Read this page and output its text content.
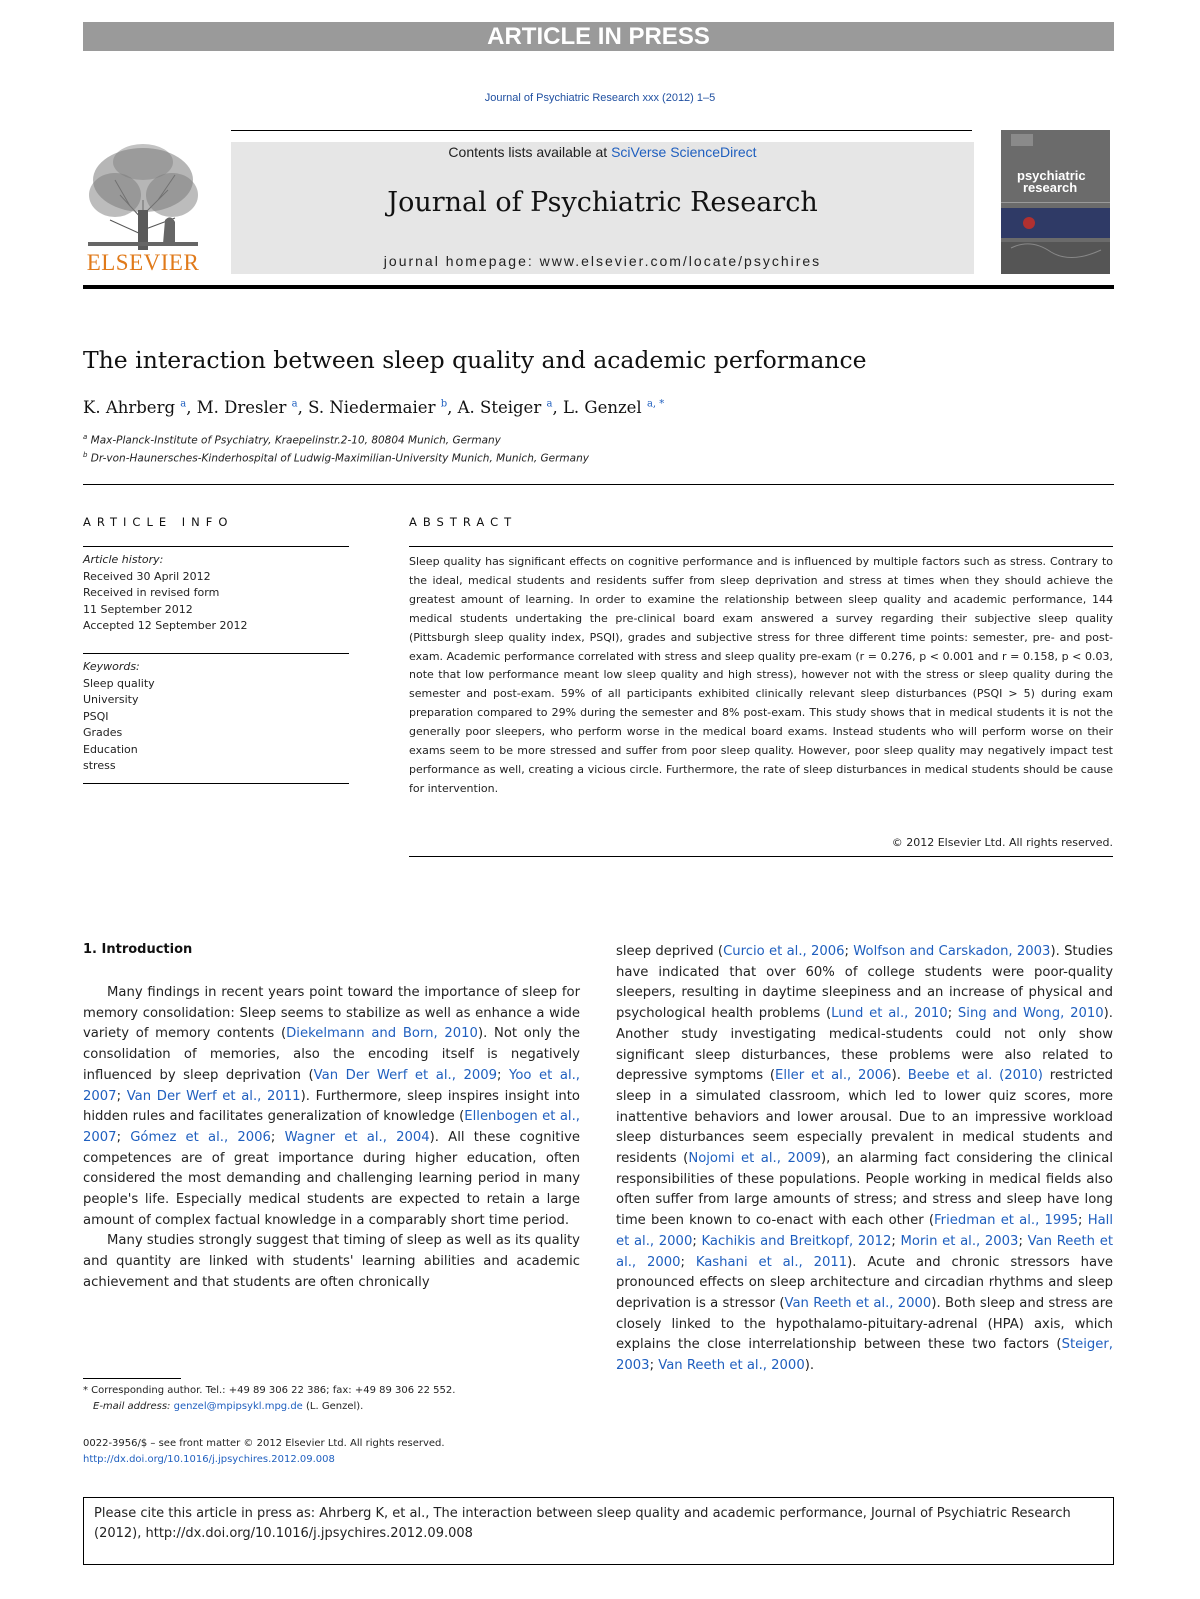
ARTICLE IN PRESS
Journal of Psychiatric Research xxx (2012) 1–5
ELSEVIER
Contents lists available at SciVerse ScienceDirect
Journal of Psychiatric Research
journal homepage: www.elsevier.com/locate/psychires
psychiatric
research
The interaction between sleep quality and academic performance
K. Ahrberg $^a$, M. Dresler $^a$, S. Niedermaier $^b$, A. Steiger $^a$, L. Genzel $^{a, *}$
$^a$ Max-Planck-Institute of Psychiatry, Kraepelinstr.2-10, 80804 Munich, Germany
$^b$ Dr-von-Haunersches-Kinderhospital of Ludwig-Maximilian-University Munich, Munich, Germany
ARTICLE INFO	ABSTRACT
Article history:
Received 30 April 2012
Received in revised form
11 September 2012
Accepted 12 September 2012
Keywords:
Sleep quality
University
PSQI
Grades
Education
stress
Sleep quality has significant effects on cognitive performance and is influenced by multiple factors such as stress. Contrary to the ideal, medical students and residents suffer from sleep deprivation and stress at times when they should achieve the greatest amount of learning. In order to examine the relationship between sleep quality and academic performance, 144 medical students undertaking the pre-clinical board exam answered a survey regarding their subjective sleep quality (Pittsburgh sleep quality index, PSQI), grades and subjective stress for three different time points: semester, pre- and post-exam. Academic performance correlated with stress and sleep quality pre-exam (r = 0.276, p < 0.001 and r = 0.158, p < 0.03, note that low performance meant low sleep quality and high stress), however not with the stress or sleep quality during the semester and post-exam. 59% of all participants exhibited clinically relevant sleep disturbances (PSQI > 5) during exam preparation compared to 29% during the semester and 8% post-exam. This study shows that in medical students it is not the generally poor sleepers, who perform worse in the medical board exams. Instead students who will perform worse on their exams seem to be more stressed and suffer from poor sleep quality. However, poor sleep quality may negatively impact test performance as well, creating a vicious circle. Furthermore, the rate of sleep disturbances in medical students should be cause for intervention.
© 2012 Elsevier Ltd. All rights reserved.
1. Introduction

Many findings in recent years point toward the importance of sleep for memory consolidation: Sleep seems to stabilize as well as enhance a wide variety of memory contents (Diekelmann and Born, 2010). Not only the consolidation of memories, also the encoding itself is negatively influenced by sleep deprivation (Van Der Werf et al., 2009; Yoo et al., 2007; Van Der Werf et al., 2011). Furthermore, sleep inspires insight into hidden rules and facilitates generalization of knowledge (Ellenbogen et al., 2007; Gómez et al., 2006; Wagner et al., 2004). All these cognitive competences are of great importance during higher education, often considered the most demanding and challenging learning period in many people's life. Especially medical students are expected to retain a large amount of complex factual knowledge in a comparably short time period.

Many studies strongly suggest that timing of sleep as well as its quality and quantity are linked with students' learning abilities and academic achievement and that students are often chronically

sleep deprived (Curcio et al., 2006; Wolfson and Carskadon, 2003). Studies have indicated that over 60% of college students were poor-quality sleepers, resulting in daytime sleepiness and an increase of physical and psychological health problems (Lund et al., 2010; Sing and Wong, 2010). Another study investigating medical-students could not only show significant sleep disturbances, these problems were also related to depressive symptoms (Eller et al., 2006). Beebe et al. (2010) restricted sleep in a simulated classroom, which led to lower quiz scores, more inattentive behaviors and lower arousal. Due to an impressive workload sleep disturbances seem especially prevalent in medical students and residents (Nojomi et al., 2009), an alarming fact considering the clinical responsibilities of these populations. People working in medical fields also often suffer from large amounts of stress; and stress and sleep have long time been known to co-enact with each other (Friedman et al., 1995; Hall et al., 2000; Kachikis and Breitkopf, 2012; Morin et al., 2003; Van Reeth et al., 2000; Kashani et al., 2011). Acute and chronic stressors have pronounced effects on sleep architecture and circadian rhythms and sleep deprivation is a stressor (Van Reeth et al., 2000). Both sleep and stress are closely linked to the hypothalamo-pituitary-adrenal (HPA) axis, which explains the close interrelationship between these two factors (Steiger, 2003; Van Reeth et al., 2000).

* Corresponding author. Tel.: +49 89 306 22 386; fax: +49 89 306 22 552.
E-mail address: genzel@mpipsykl.mpg.de (L. Genzel).
0022-3956/$ – see front matter © 2012 Elsevier Ltd. All rights reserved.
http://dx.doi.org/10.1016/j.jpsychires.2012.09.008
Please cite this article in press as: Ahrberg K, et al., The interaction between sleep quality and academic performance, Journal of Psychiatric Research (2012), http://dx.doi.org/10.1016/j.jpsychires.2012.09.008
